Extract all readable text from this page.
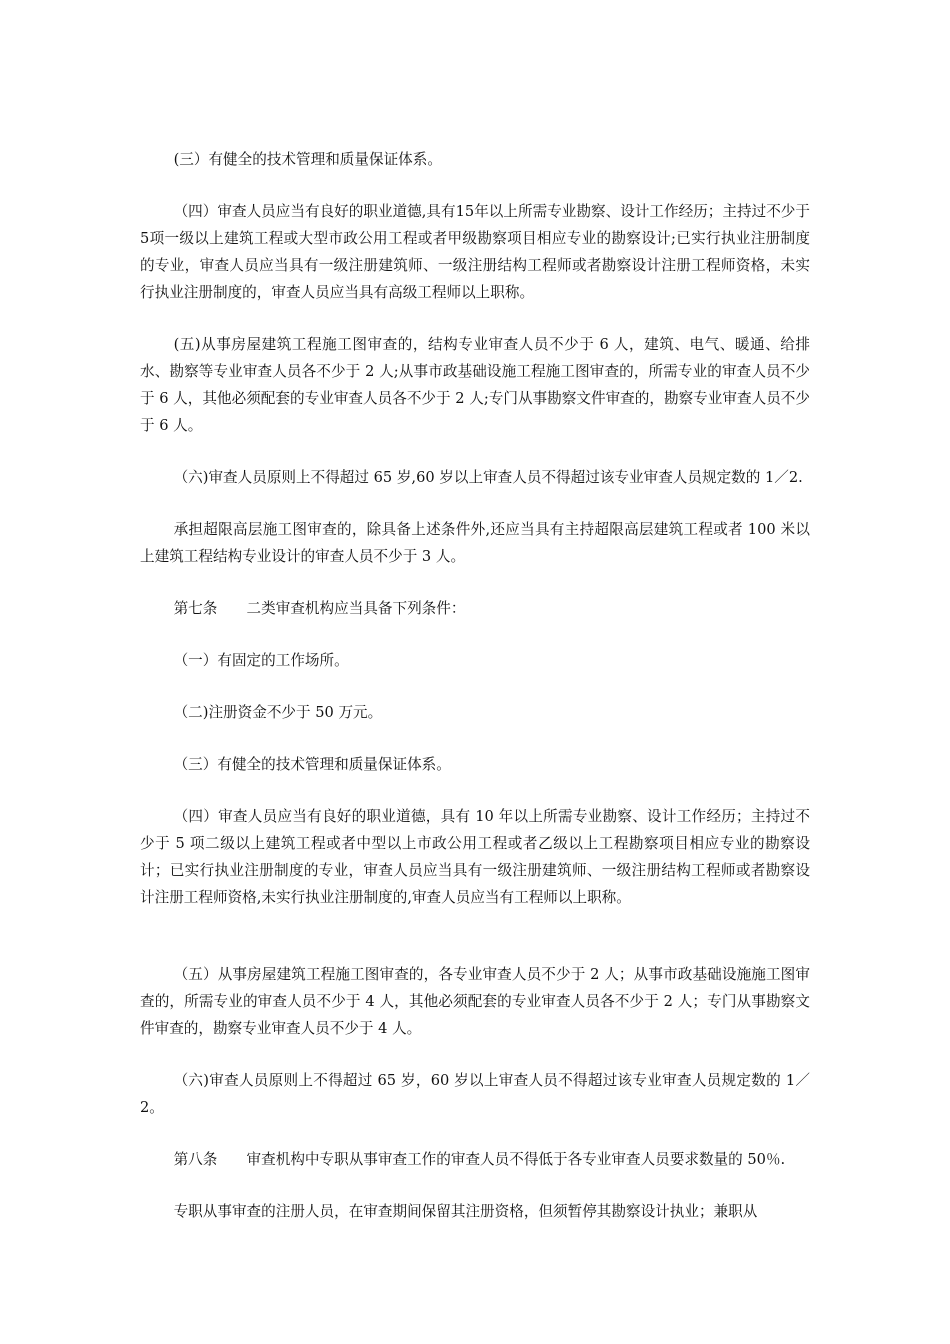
(三）有健全的技术管理和质量保证体系。

（四）审查人员应当有良好的职业道德,具有15年以上所需专业勘察、设计工作经历；主持过不少于5项一级以上建筑工程或大型市政公用工程或者甲级勘察项目相应专业的勘察设计;已实行执业注册制度的专业，审查人员应当具有一级注册建筑师、一级注册结构工程师或者勘察设计注册工程师资格，未实行执业注册制度的，审查人员应当具有高级工程师以上职称。

(五)从事房屋建筑工程施工图审查的，结构专业审查人员不少于 6 人，建筑、电气、暖通、给排水、勘察等专业审查人员各不少于 2 人;从事市政基础设施工程施工图审查的，所需专业的审查人员不少于 6 人，其他必须配套的专业审查人员各不少于 2 人;专门从事勘察文件审查的，勘察专业审查人员不少于 6 人。

（六)审查人员原则上不得超过 65 岁,60 岁以上审查人员不得超过该专业审查人员规定数的 1／2.

承担超限高层施工图审查的，除具备上述条件外,还应当具有主持超限高层建筑工程或者 100 米以上建筑工程结构专业设计的审查人员不少于 3 人。

第七条　　二类审查机构应当具备下列条件：

（一）有固定的工作场所。

（二)注册资金不少于 50 万元。

（三）有健全的技术管理和质量保证体系。

（四）审查人员应当有良好的职业道德，具有 10 年以上所需专业勘察、设计工作经历；主持过不少于 5 项二级以上建筑工程或者中型以上市政公用工程或者乙级以上工程勘察项目相应专业的勘察设计；已实行执业注册制度的专业，审查人员应当具有一级注册建筑师、一级注册结构工程师或者勘察设计注册工程师资格,未实行执业注册制度的,审查人员应当有工程师以上职称。

（五）从事房屋建筑工程施工图审查的，各专业审查人员不少于 2 人；从事市政基础设施施工图审查的，所需专业的审查人员不少于 4 人，其他必须配套的专业审查人员各不少于 2 人；专门从事勘察文件审查的，勘察专业审查人员不少于 4 人。

（六)审查人员原则上不得超过 65 岁，60 岁以上审查人员不得超过该专业审查人员规定数的 1／2。

第八条　　审查机构中专职从事审查工作的审查人员不得低于各专业审查人员要求数量的 50％.

专职从事审查的注册人员，在审查期间保留其注册资格，但须暂停其勘察设计执业；兼职从
